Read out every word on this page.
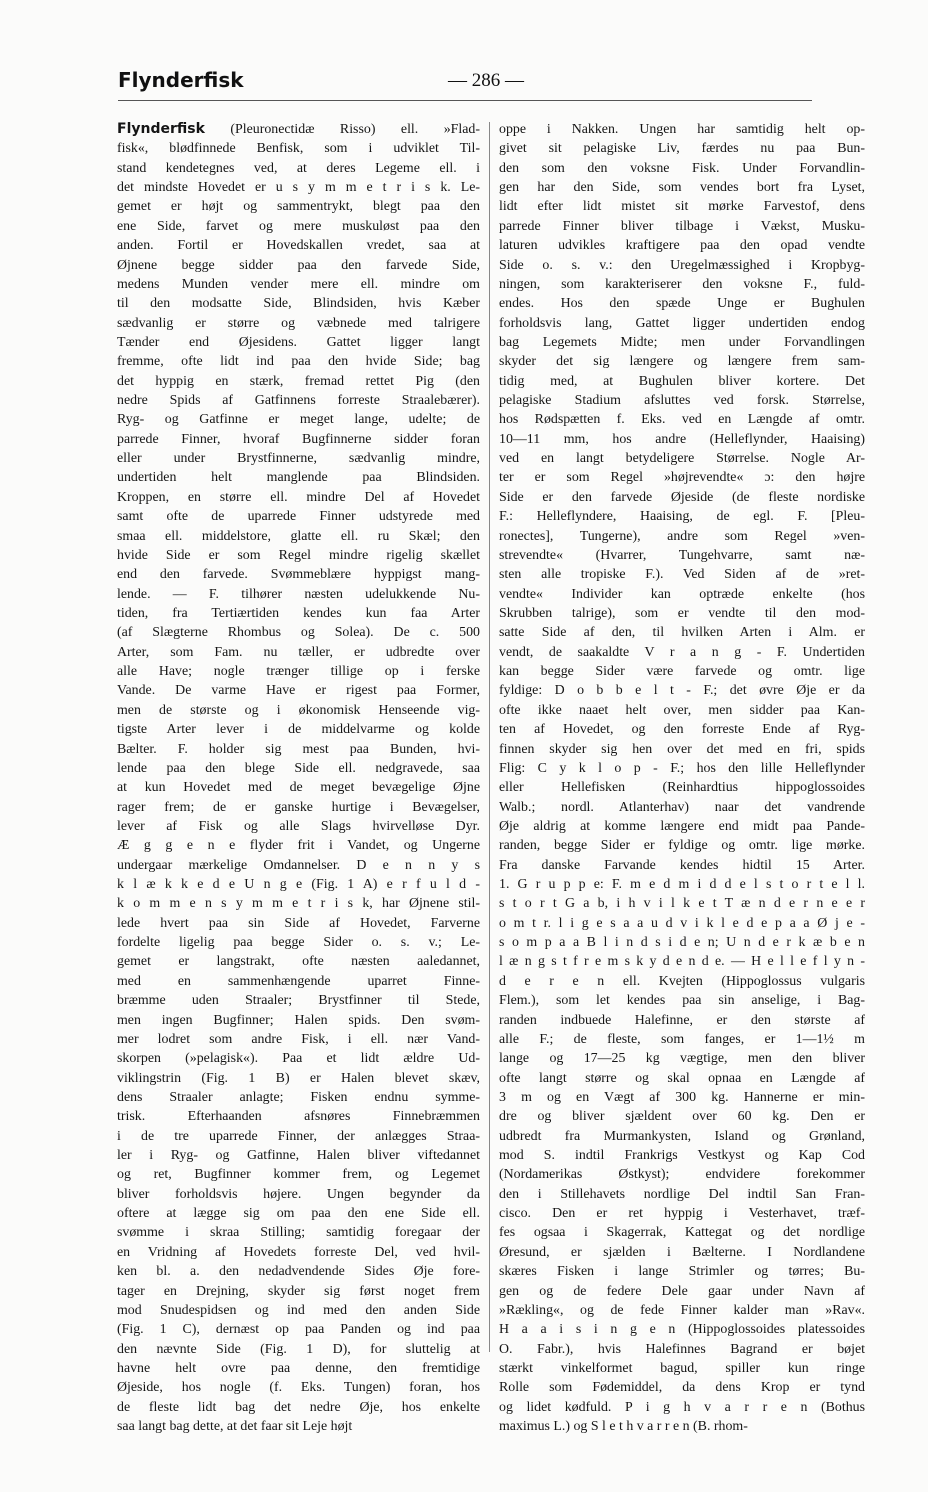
Flynderfisk	— 286 —
Flynderfisk (Pleuronectidæ Risso) ell. »Flad-
fisk«, blødfinnede Benfisk, som i udviklet Til-
stand kendetegnes ved, at deres Legeme ell. i
det mindste Hovedet er u s y m m e t r i s k. Le-
gemet er højt og sammentrykt, blegt paa den
ene Side, farvet og mere muskuløst paa den
anden. Fortil er Hovedskallen vredet, saa at
Øjnene begge sidder paa den farvede Side,
medens Munden vender mere ell. mindre om
til den modsatte Side, Blindsiden, hvis Kæber
sædvanlig er større og væbnede med talrigere
Tænder end Øjesidens. Gattet ligger langt
fremme, ofte lidt ind paa den hvide Side; bag
det hyppig en stærk, fremad rettet Pig (den
nedre Spids af Gatfinnens forreste Straalebærer).
Ryg- og Gatfinne er meget lange, udelte; de
parrede Finner, hvoraf Bugfinnerne sidder foran
eller under Brystfinnerne, sædvanlig mindre,
undertiden helt manglende paa Blindsiden.
Kroppen, en større ell. mindre Del af Hovedet
samt ofte de uparrede Finner udstyrede med
smaa ell. middelstore, glatte ell. ru Skæl; den
hvide Side er som Regel mindre rigelig skællet
end den farvede. Svømmeblære hyppigst mang-
lende. — F. tilhører næsten udelukkende Nu-
tiden, fra Tertiærtiden kendes kun faa Arter
(af Slægterne Rhombus og Solea). De c. 500
Arter, som Fam. nu tæller, er udbredte over
alle Have; nogle trænger tillige op i ferske
Vande. De varme Have er rigest paa Former,
men de største og i økonomisk Henseende vig-
tigste Arter lever i de middelvarme og kolde
Bælter. F. holder sig mest paa Bunden, hvi-
lende paa den blege Side ell. nedgravede, saa
at kun Hovedet med de meget bevægelige Øjne
rager frem; de er ganske hurtige i Bevægelser,
lever af Fisk og alle Slags hvirvelløse Dyr.
Æ g g e n e flyder frit i Vandet, og Ungerne
undergaar mærkelige Omdannelser. D e n n y s
k l æ k k e d e U n g e (Fig. 1 A) e r f u l d -
k o m m e n s y m m e t r i s k, har Øjnene stil-
lede hvert paa sin Side af Hovedet, Farverne
fordelte ligelig paa begge Sider o. s. v.; Le-
gemet er langstrakt, ofte næsten aaledannet,
med en sammenhængende uparret Finne-
bræmme uden Straaler; Brystfinner til Stede,
men ingen Bugfinner; Halen spids. Den svøm-
mer lodret som andre Fisk, i ell. nær Vand-
skorpen (»pelagisk«). Paa et lidt ældre Ud-
viklingstrin (Fig. 1 B) er Halen blevet skæv,
dens Straaler anlagte; Fisken endnu symme-
trisk. Efterhaanden afsnøres Finnebræmmen
i de tre uparrede Finner, der anlægges Straa-
ler i Ryg- og Gatfinne, Halen bliver viftedannet
og ret, Bugfinner kommer frem, og Legemet
bliver forholdsvis højere. Ungen begynder da
oftere at lægge sig om paa den ene Side ell.
svømme i skraa Stilling; samtidig foregaar der
en Vridning af Hovedets forreste Del, ved hvil-
ken bl. a. den nedadvendende Sides Øje fore-
tager en Drejning, skyder sig først noget frem
mod Snudespidsen og ind med den anden Side
(Fig. 1 C), dernæst op paa Panden og ind paa
den nævnte Side (Fig. 1 D), for sluttelig at
havne helt ovre paa denne, den fremtidige
Øjeside, hos nogle (f. Eks. Tungen) foran, hos
de fleste lidt bag det nedre Øje, hos enkelte
saa langt bag dette, at det faar sit Leje højt
oppe i Nakken. Ungen har samtidig helt op-
givet sit pelagiske Liv, færdes nu paa Bun-
den som den voksne Fisk. Under Forvandlin-
gen har den Side, som vendes bort fra Lyset,
lidt efter lidt mistet sit mørke Farvestof, dens
parrede Finner bliver tilbage i Vækst, Musku-
laturen udvikles kraftigere paa den opad vendte
Side o. s. v.: den Uregelmæssighed i Kropbyg-
ningen, som karakteriserer den voksne F., fuld-
endes. Hos den spæde Unge er Bughulen
forholdsvis lang, Gattet ligger undertiden endog
bag Legemets Midte; men under Forvandlingen
skyder det sig længere og længere frem sam-
tidig med, at Bughulen bliver kortere. Det
pelagiske Stadium afsluttes ved forsk. Størrelse,
hos Rødspætten f. Eks. ved en Længde af omtr.
10—11 mm, hos andre (Helleflynder, Haaising)
ved en langt betydeligere Størrelse. Nogle Ar-
ter er som Regel »højrevendte« ɔ: den højre
Side er den farvede Øjeside (de fleste nordiske
F.: Helleflyndere, Haaising, de egl. F. [Pleu-
ronectes], Tungerne), andre som Regel »ven-
strevendte« (Hvarrer, Tungehvarre, samt næ-
sten alle tropiske F.). Ved Siden af de »ret-
vendte« Individer kan optræde enkelte (hos
Skrubben talrige), som er vendte til den mod-
satte Side af den, til hvilken Arten i Alm. er
vendt, de saakaldte V r a n g - F. Undertiden
kan begge Sider være farvede og omtr. lige
fyldige: D o b b e l t - F.; det øvre Øje er da
ofte ikke naaet helt over, men sidder paa Kan-
ten af Hovedet, og den forreste Ende af Ryg-
finnen skyder sig hen over det med en fri, spids
Flig: C y k l o p - F.; hos den lille Helleflynder
eller Hellefisken (Reinhardtius hippoglossoides
Walb.; nordl. Atlanterhav) naar det vandrende
Øje aldrig at komme længere end midt paa Pande-
randen, begge Sider er fyldige og omtr. lige mørke.
Fra danske Farvande kendes hidtil 15 Arter.
1. G r u p p e: F. m e d m i d d e l s t o r t e l l.
s t o r t G a b, i h v i l k e t T æ n d e r n e e r
o m t r. l i g e s a a u d v i k l e d e p a a Ø j e -
s o m p a a B l i n d s i d e n; U n d e r k æ b e n
l æ n g s t f r e m s k y d e n d e. — H e l l e f l y n -
d e r e n ell. Kvejten (Hippoglossus vulgaris
Flem.), som let kendes paa sin anselige, i Bag-
randen indbuede Halefinne, er den største af
alle F.; de fleste, som fanges, er 1—1½ m
lange og 17—25 kg vægtige, men den bliver
ofte langt større og skal opnaa en Længde af
3 m og en Vægt af 300 kg. Hannerne er min-
dre og bliver sjældent over 60 kg. Den er
udbredt fra Murmankysten, Island og Grønland,
mod S. indtil Frankrigs Vestkyst og Kap Cod
(Nordamerikas Østkyst); endvidere forekommer
den i Stillehavets nordlige Del indtil San Fran-
cisco. Den er ret hyppig i Vesterhavet, træf-
fes ogsaa i Skagerrak, Kattegat og det nordlige
Øresund, er sjælden i Bælterne. I Nordlandene
skæres Fisken i lange Strimler og tørres; Bu-
gen og de federe Dele gaar under Navn af
»Rækling«, og de fede Finner kalder man »Rav«.
H a a i s i n g e n (Hippoglossoides platessoides
O. Fabr.), hvis Halefinnes Bagrand er bøjet
stærkt vinkelformet bagud, spiller kun ringe
Rolle som Fødemiddel, da dens Krop er tynd
og lidet kødfuld. P i g h v a r r e n (Bothus
maximus L.) og S l e t h v a r r e n (B. rhom-
